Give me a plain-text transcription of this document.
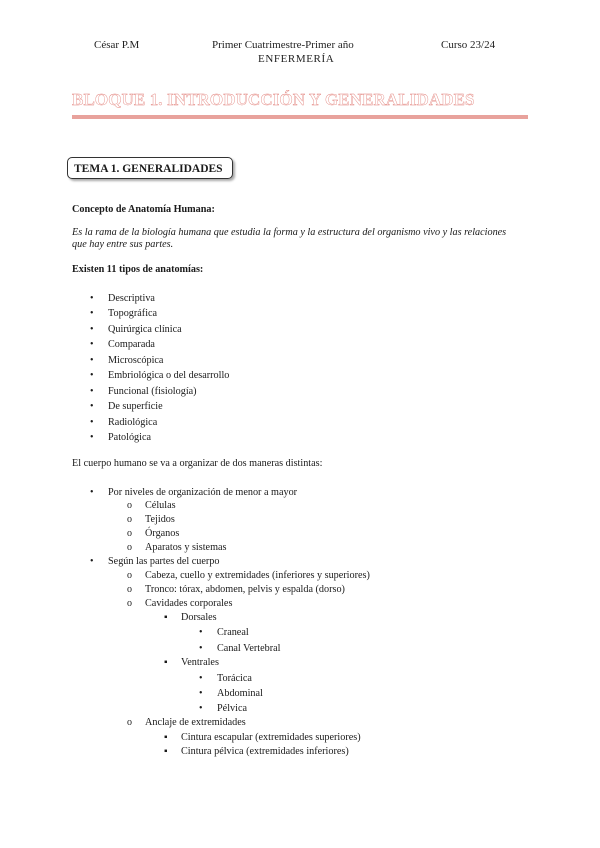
César P.M	Primer Cuatrimestre-Primer año
ENFERMERÍA
Curso 23/24
BLOQUE 1. INTRODUCCIÓN Y GENERALIDADES
TEMA 1. GENERALIDADES
Concepto de Anatomía Humana:
Es la rama de la biología humana que estudia la forma y la estructura del organismo vivo y las relaciones
que hay entre sus partes.
Existen 11 tipos de anatomías:
• Descriptiva
• Topográfica
• Quirúrgica clínica
• Comparada
• Microscópica
• Embriológica o del desarrollo
• Funcional (fisiología)
• De superficie
• Radiológica
• Patológica
El cuerpo humano se va a organizar de dos maneras distintas:
• Por niveles de organización de menor a mayor
o Células
o Tejidos
o Órganos
o Aparatos y sistemas
• Según las partes del cuerpo
o Cabeza, cuello y extremidades (inferiores y superiores)
o Tronco: tórax, abdomen, pelvis y espalda (dorso)
o Cavidades corporales
▪ Dorsales
• Craneal
• Canal Vertebral
▪ Ventrales
• Torácica
• Abdominal
• Pélvica
o Anclaje de extremidades
▪ Cintura escapular (extremidades superiores)
▪ Cintura pélvica (extremidades inferiores)
